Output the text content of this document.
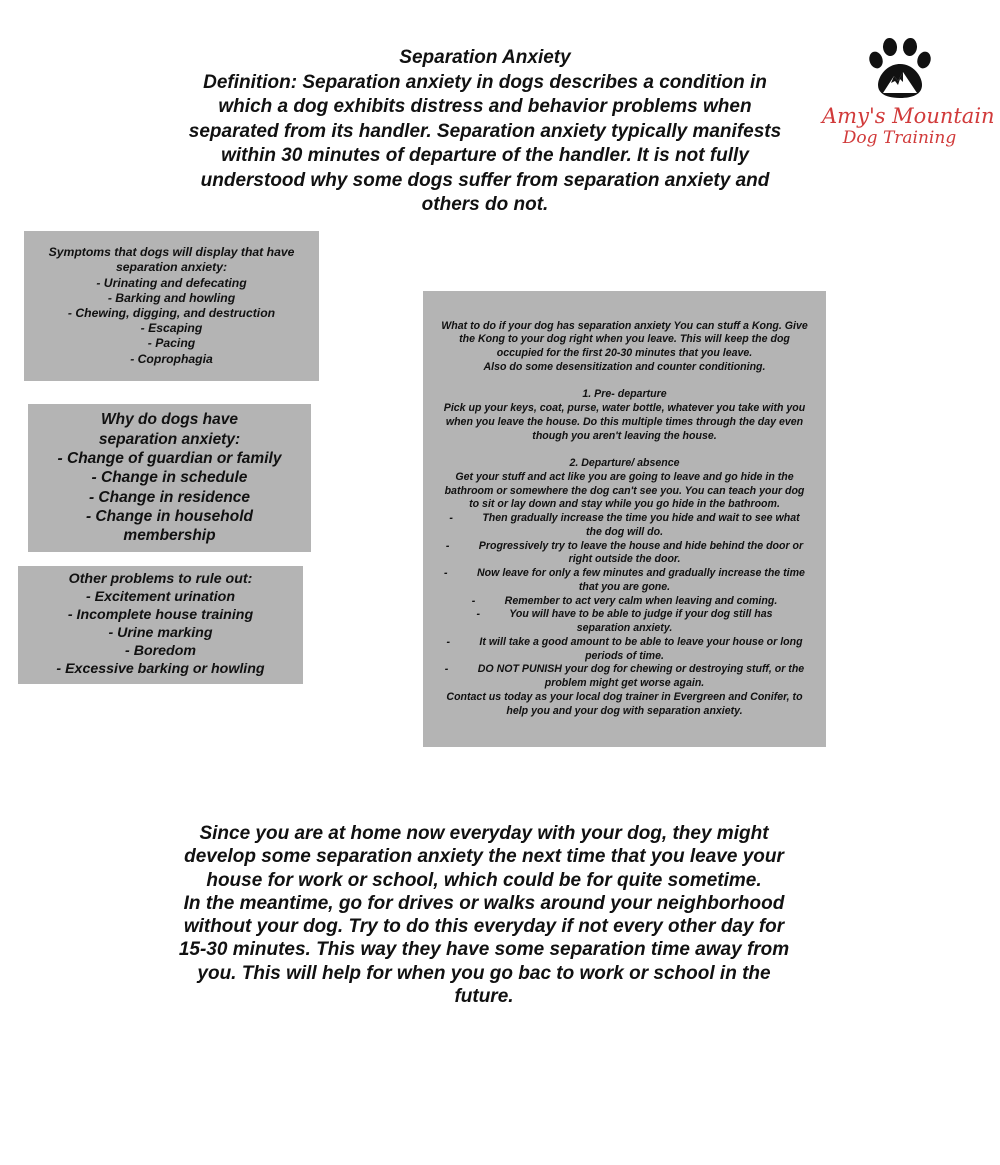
Separation Anxiety
Definition: Separation anxiety in dogs describes a condition in
which a dog exhibits distress and behavior problems when
separated from its handler. Separation anxiety typically manifests
within 30 minutes of departure of the handler. It is not fully
understood why some dogs suffer from separation anxiety and
others do not.
Amy's Mountain
Dog Training
Symptoms that dogs will display that have
separation anxiety:
- Urinating and defecating
- Barking and howling
- Chewing, digging, and destruction
- Escaping
- Pacing
- Coprophagia
Why do dogs have
separation anxiety:
- Change of guardian or family
- Change in schedule
- Change in residence
- Change in household
membership
Other problems to rule out:
- Excitement urination
- Incomplete house training
- Urine marking
- Boredom
- Excessive barking or howling
What to do if your dog has separation anxiety You can stuff a Kong. Give
the Kong to your dog right when you leave. This will keep the dog
occupied for the first 20-30 minutes that you leave.
Also do some desensitization and counter conditioning.
1. Pre- departure
Pick up your keys, coat, purse, water bottle, whatever you take with you
when you leave the house. Do this multiple times through the day even
though you aren't leaving the house.
2. Departure/ absence
Get your stuff and act like you are going to leave and go hide in the
bathroom or somewhere the dog can't see you. You can teach your dog
to sit or lay down and stay while you go hide in the bathroom.
-          Then gradually increase the time you hide and wait to see what
the dog will do.
-          Progressively try to leave the house and hide behind the door or
right outside the door.
-          Now leave for only a few minutes and gradually increase the time
that you are gone.
-          Remember to act very calm when leaving and coming.
-          You will have to be able to judge if your dog still has
separation anxiety.
-          It will take a good amount to be able to leave your house or long
periods of time.
-          DO NOT PUNISH your dog for chewing or destroying stuff, or the
problem might get worse again.
Contact us today as your local dog trainer in Evergreen and Conifer, to
help you and your dog with separation anxiety.
Since you are at home now everyday with your dog, they might
develop some separation anxiety the next time that you leave your
house for work or school, which could be for quite sometime.
In the meantime, go for drives or walks around your neighborhood
without your dog. Try to do this everyday if not every other day for
15-30 minutes. This way they have some separation time away from
you. This will help for when you go bac to work or school in the
future.
